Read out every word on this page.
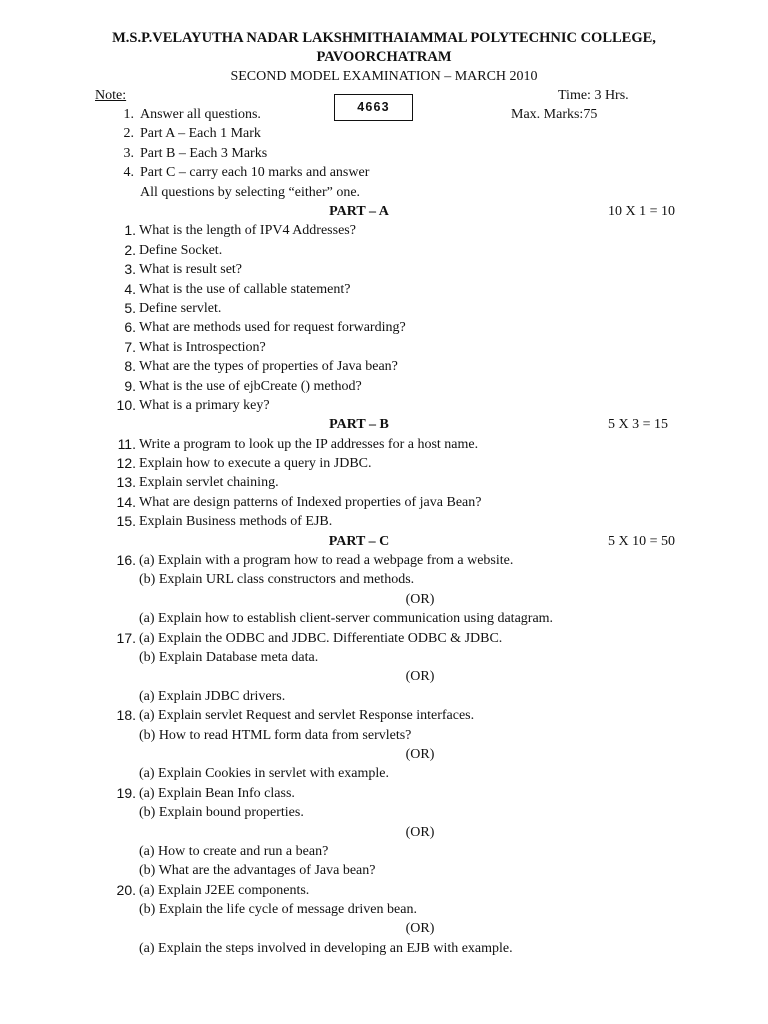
M.S.P.VELAYUTHA NADAR LAKSHMITHAIAMMAL POLYTECHNIC COLLEGE,
PAVOORCHATRAM
SECOND MODEL EXAMINATION – MARCH 2010
Note:	Time: 3 Hrs.
Max. Marks:75
4663
1. Answer all questions.
2. Part A – Each 1 Mark
3. Part B – Each 3 Marks
4. Part C – carry each 10 marks and answer
All questions by selecting “either” one.
PART – A	10 X 1 = 10
1. What is the length of IPV4 Addresses?
2. Define Socket.
3. What is result set?
4. What is the use of callable statement?
5. Define servlet.
6. What are methods used for request forwarding?
7. What is Introspection?
8. What are the types of properties of Java bean?
9. What is the use of ejbCreate () method?
10. What is a primary key?
PART – B	5 X 3 = 15
11. Write a program to look up the IP addresses for a host name.
12. Explain how to execute a query in JDBC.
13. Explain servlet chaining.
14. What are design patterns of Indexed properties of java Bean?
15. Explain Business methods of EJB.
PART – C	5 X 10 = 50
16. (a) Explain with a program how to read a webpage from a website.
(b) Explain URL class constructors and methods.
(OR)
(a) Explain how to establish client-server communication using datagram.
17. (a) Explain the ODBC and JDBC. Differentiate ODBC & JDBC.
(b) Explain Database meta data.
(OR)
(a) Explain JDBC drivers.
18. (a) Explain servlet Request and servlet Response interfaces.
(b) How to read HTML form data from servlets?
(OR)
(a) Explain Cookies in servlet with example.
19. (a) Explain Bean Info class.
(b) Explain bound properties.
(OR)
(a) How to create and run a bean?
(b) What are the advantages of Java bean?
20. (a) Explain J2EE components.
(b) Explain the life cycle of message driven bean.
(OR)
(a) Explain the steps involved in developing an EJB with example.
